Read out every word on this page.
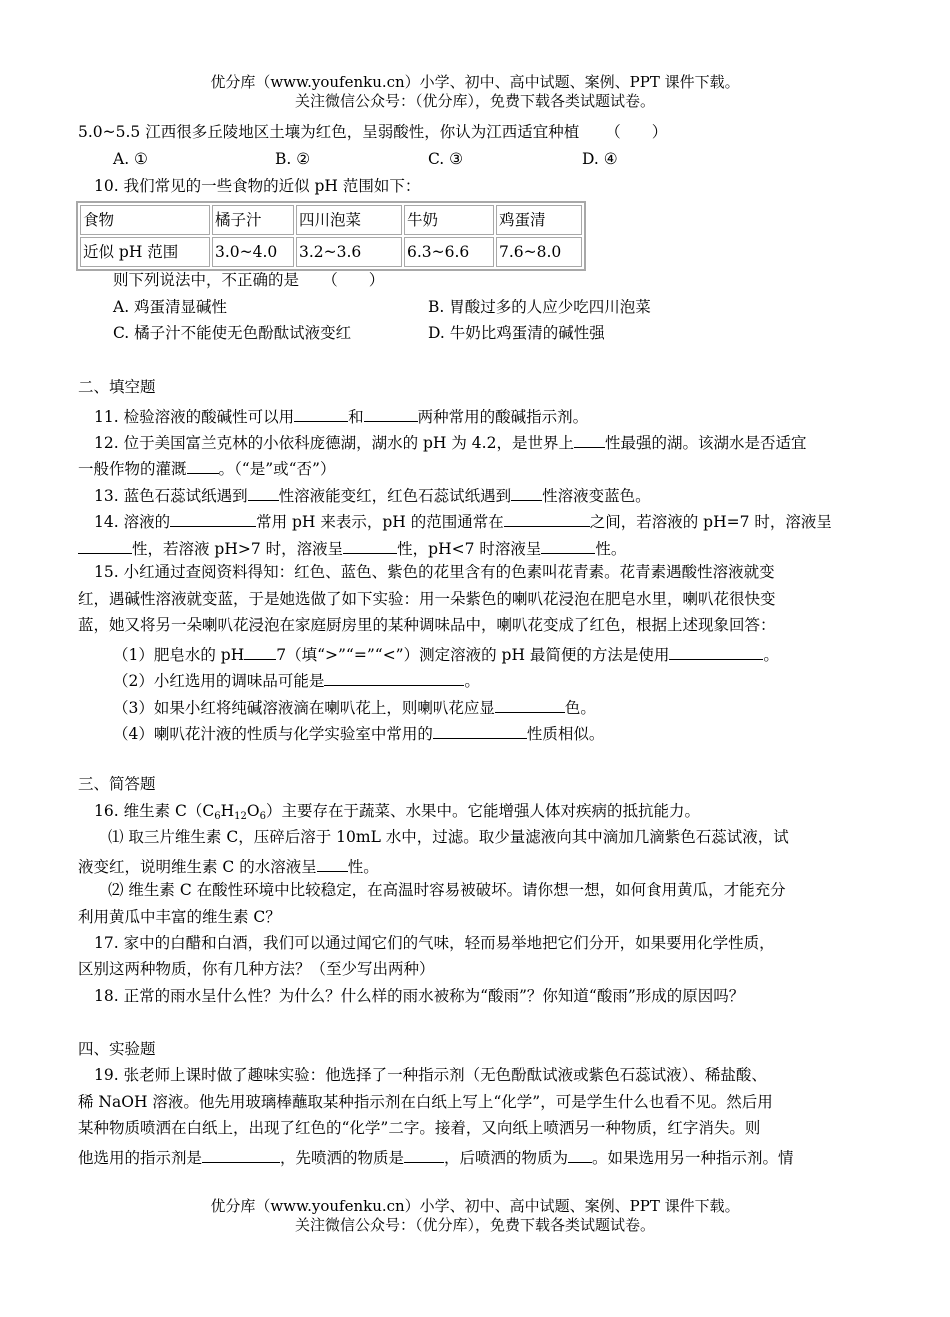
优分库（www.youfenku.cn）小学、初中、高中试题、案例、PPT 课件下载。
关注微信公众号：（优分库），免费下载各类试题试卷。
5.0~5.5 江西很多丘陵地区土壤为红色，呈弱酸性，你认为江西适宜种植 （　　）
A. ①	B. ②	C. ③	D. ④
10. 我们常见的一些食物的近似 pH 范围如下：
食物	橘子汁	四川泡菜	牛奶	鸡蛋清
近似 pH 范围	3.0~4.0	3.2~3.6	6.3~6.6	7.6~8.0
则下列说法中，不正确的是　　（　　）
A. 鸡蛋清显碱性	B. 胃酸过多的人应少吃四川泡菜
C. 橘子汁不能使无色酚酞试液变红	D. 牛奶比鸡蛋清的碱性强
二、填空题
11. 检验溶液的酸碱性可以用	和	两种常用的酸碱指示剂。
12. 位于美国富兰克林的小依科庞德湖，湖水的 pH 为 4.2，是世界上 性最强的湖。该湖水是否适宜
一般作物的灌溉 。（“是”或“否”）
13. 蓝色石蕊试纸遇到 性溶液能变红，红色石蕊试纸遇到 性溶液变蓝色。
14. 溶液的	常用 pH 来表示，pH 的范围通常在	之间，若溶液的 pH=7 时，溶液呈
性，若溶液 pH>7 时，溶液呈	性，pH<7 时溶液呈	性。
15. 小红通过查阅资料得知：红色、蓝色、紫色的花里含有的色素叫花青素。花青素遇酸性溶液就变
红，遇碱性溶液就变蓝，于是她选做了如下实验：用一朵紫色的喇叭花浸泡在肥皂水里，喇叭花很快变
蓝，她又将另一朵喇叭花浸泡在家庭厨房里的某种调味品中，喇叭花变成了红色，根据上述现象回答：
（1）肥皂水的 pH 7（填“>”“=”“<”）测定溶液的 pH 最简便的方法是使用	。
（2）小红选用的调味品可能是	。
（3）如果小红将纯碱溶液滴在喇叭花上，则喇叭花应显	色。
（4）喇叭花汁液的性质与化学实验室中常用的	性质相似。
三、简答题
16. 维生素 $C(C_6H_{12}O_6)$主要存在于蔬菜、水果中。它能增强人体对疾病的抵抗能力。
⑴ 取三片维生素 C，压碎后溶于 10mL 水中，过滤。取少量滤液向其中滴加几滴紫色石蕊试液，试
液变红，说明维生素 C 的水溶液呈 性。
⑵ 维生素 C 在酸性环境中比较稳定，在高温时容易被破坏。请你想一想，如何食用黄瓜，才能充分
利用黄瓜中丰富的维生素 C？
17. 家中的白醋和白酒，我们可以通过闻它们的气味，轻而易举地把它们分开，如果要用化学性质，
区别这两种物质，你有几种方法？（至少写出两种）
18. 正常的雨水呈什么性？为什么？什么样的雨水被称为“酸雨”？你知道“酸雨”形成的原因吗？
四、实验题
19. 张老师上课时做了趣味实验：他选择了一种指示剂（无色酚酞试液或紫色石蕊试液）、稀盐酸、
稀 NaOH 溶液。他先用玻璃棒蘸取某种指示剂在白纸上写上“化学”，可是学生什么也看不见。然后用
某种物质喷洒在白纸上，出现了红色的“化学”二字。接着，又向纸上喷洒另一种物质，红字消失。则
他选用的指示剂是	，先喷洒的物质是	，后喷洒的物质为 。如果选用另一种指示剂。情
优分库（www.youfenku.cn）小学、初中、高中试题、案例、PPT 课件下载。
关注微信公众号：（优分库），免费下载各类试题试卷。
